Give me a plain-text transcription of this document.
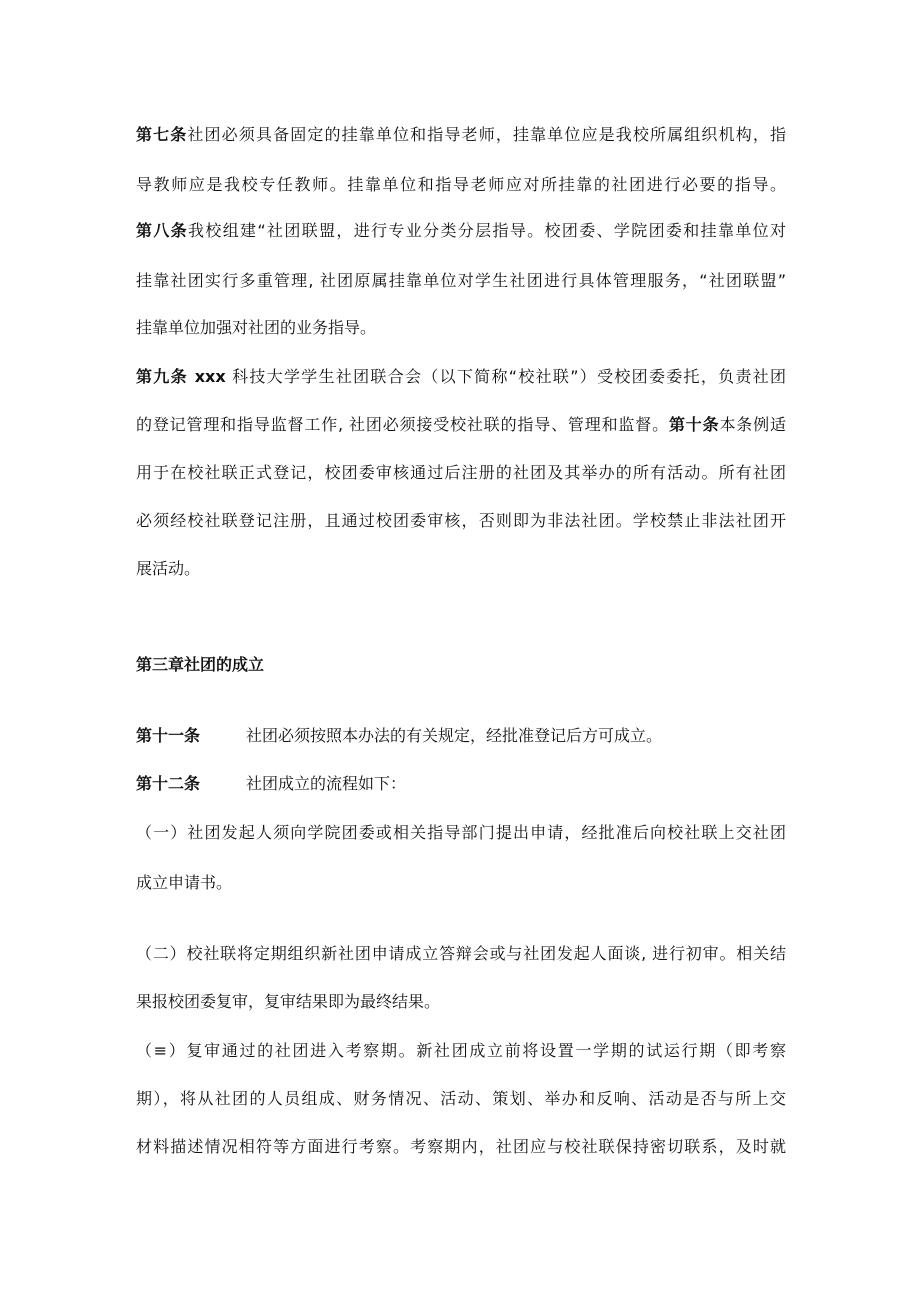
第七条社团必须具备固定的挂靠单位和指导老师，挂靠单位应是我校所属组织机构，指
导教师应是我校专任教师。挂靠单位和指导老师应对所挂靠的社团进行必要的指导。
第八条我校组建“社团联盟，进行专业分类分层指导。校团委、学院团委和挂靠单位对
挂靠社团实行多重管理, 社团原属挂靠单位对学生社团进行具体管理服务，“社团联盟”
挂靠单位加强对社团的业务指导。
第九条 xxx 科技大学学生社团联合会（以下简称“校社联”）受校团委委托，负责社团
的登记管理和指导监督工作, 社团必须接受校社联的指导、管理和监督。第十条本条例适
用于在校社联正式登记，校团委审核通过后注册的社团及其举办的所有活动。所有社团
必须经校社联登记注册，且通过校团委审核，否则即为非法社团。学校禁止非法社团开
展活动。
第三章社团的成立
第十一条	社团必须按照本办法的有关规定，经批准登记后方可成立。
第十二条	社团成立的流程如下：
（一）社团发起人须向学院团委或相关指导部门提出申请，经批准后向校社联上交社团
成立申请书。
（二）校社联将定期组织新社团申请成立答辩会或与社团发起人面谈, 进行初审。相关结
果报校团委复审，复审结果即为最终结果。
（≡）复审通过的社团进入考察期。新社团成立前将设置一学期的试运行期（即考察
期），将从社团的人员组成、财务情况、活动、策划、举办和反响、活动是否与所上交
材料描述情况相符等方面进行考察。考察期内，社团应与校社联保持密切联系，及时就
